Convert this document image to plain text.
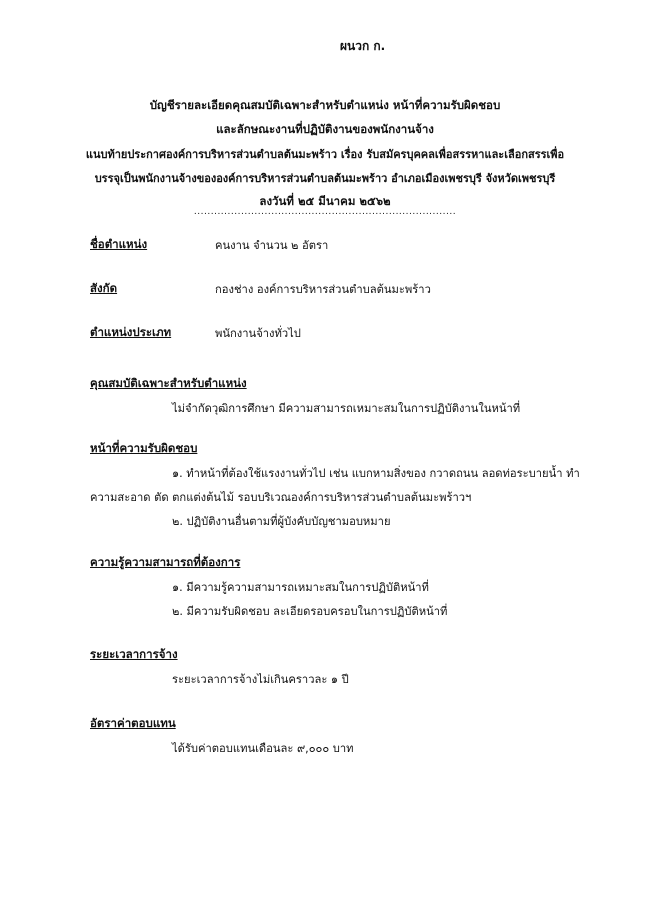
ผนวก ก.
บัญชีรายละเอียดคุณสมบัติเฉพาะสำหรับตำแหน่ง หน้าที่ความรับผิดชอบ
และลักษณะงานที่ปฏิบัติงานของพนักงานจ้าง
แนบท้ายประกาศองค์การบริหารส่วนตำบลต้นมะพร้าว เรื่อง รับสมัครบุคคลเพื่อสรรหาและเลือกสรรเพื่อ
บรรจุเป็นพนักงานจ้างขององค์การบริหารส่วนตำบลต้นมะพร้าว อำเภอเมืองเพชรบุรี จังหวัดเพชรบุรี
ลงวันที่ ๒๕ มีนาคม ๒๕๖๒
..............................................................................
ชื่อตำแหน่ง	คนงาน จำนวน ๒ อัตรา
สังกัด	กองช่าง องค์การบริหารส่วนตำบลต้นมะพร้าว
ตำแหน่งประเภท	พนักงานจ้างทั่วไป
คุณสมบัติเฉพาะสำหรับตำแหน่ง
ไม่จำกัดวุฒิการศึกษา มีความสามารถเหมาะสมในการปฏิบัติงานในหน้าที่
หน้าที่ความรับผิดชอบ
๑. ทำหน้าที่ต้องใช้แรงงานทั่วไป เช่น แบกหามสิ่งของ กวาดถนน ลอดท่อระบายน้ำ ทำ
ความสะอาด ตัด ตกแต่งต้นไม้ รอบบริเวณองค์การบริหารส่วนตำบลต้นมะพร้าวฯ
๒. ปฏิบัติงานอื่นตามที่ผู้บังคับบัญชามอบหมาย
ความรู้ความสามารถที่ต้องการ
๑. มีความรู้ความสามารถเหมาะสมในการปฏิบัติหน้าที่
๒. มีความรับผิดชอบ ละเอียดรอบครอบในการปฏิบัติหน้าที่
ระยะเวลาการจ้าง
ระยะเวลาการจ้างไม่เกินคราวละ ๑ ปี
อัตราค่าตอบแทน
ได้รับค่าตอบแทนเดือนละ ๙,๐๐๐ บาท
